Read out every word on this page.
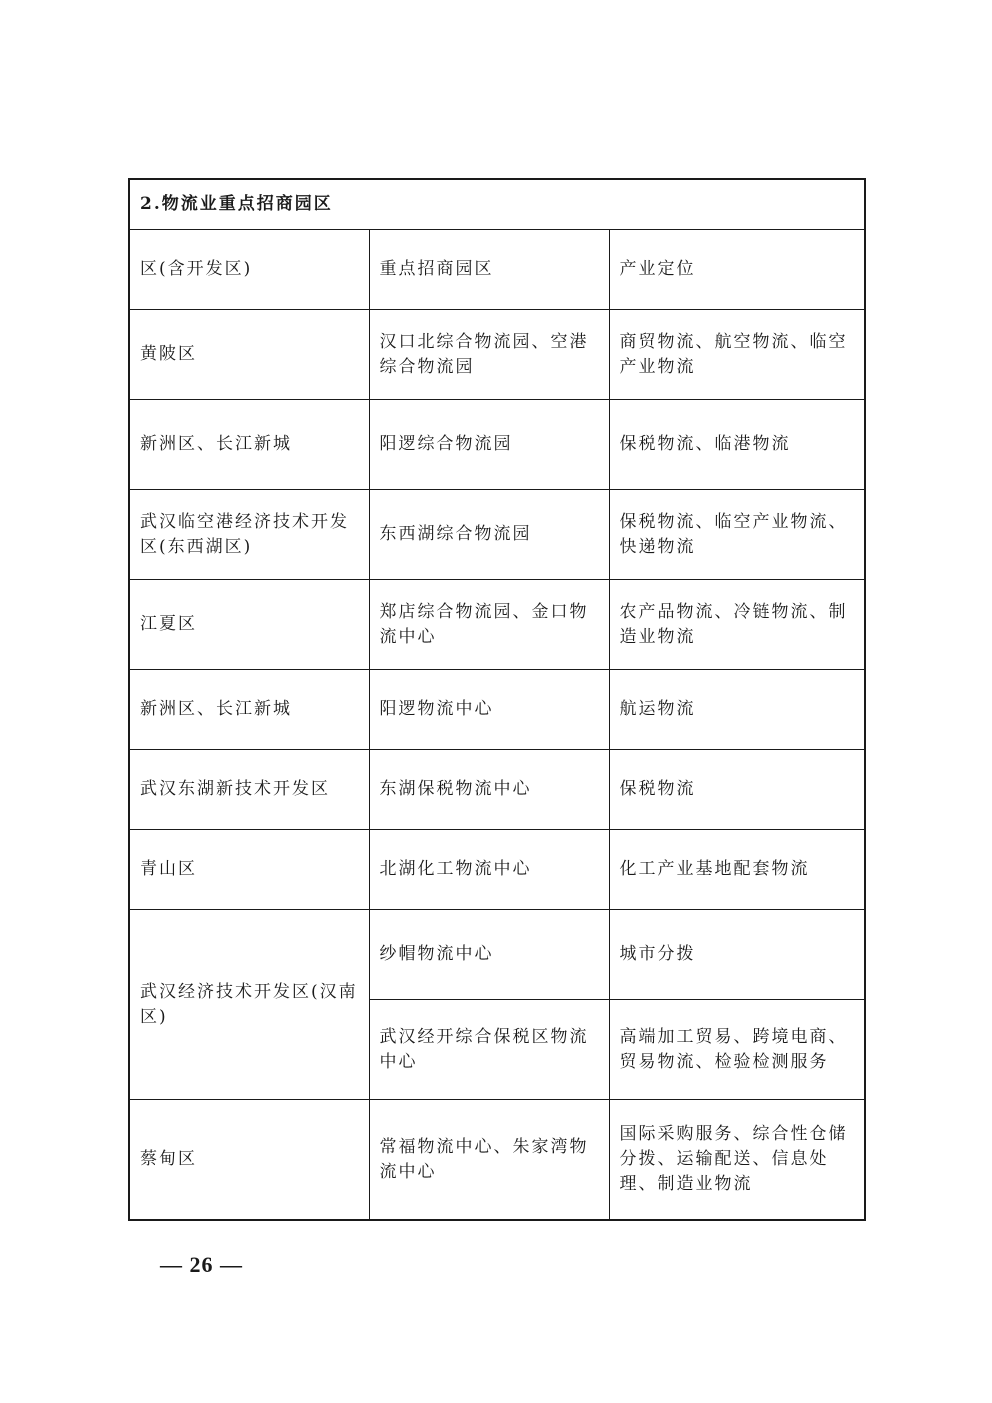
2.物流业重点招商园区		
区(含开发区)	重点招商园区	产业定位
黄陂区	汉口北综合物流园、空港综合物流园	商贸物流、航空物流、临空产业物流
新洲区、长江新城	阳逻综合物流园	保税物流、临港物流
武汉临空港经济技术开发区(东西湖区)	东西湖综合物流园	保税物流、临空产业物流、快递物流
江夏区	郑店综合物流园、金口物流中心	农产品物流、冷链物流、制造业物流
新洲区、长江新城	阳逻物流中心	航运物流
武汉东湖新技术开发区	东湖保税物流中心	保税物流
青山区	北湖化工物流中心	化工产业基地配套物流
武汉经济技术开发区(汉南区)	纱帽物流中心	城市分拨
	武汉经开综合保税区物流中心	高端加工贸易、跨境电商、贸易物流、检验检测服务
蔡甸区	常福物流中心、朱家湾物流中心	国际采购服务、综合性仓储分拨、运输配送、信息处理、制造业物流
— 26 —
